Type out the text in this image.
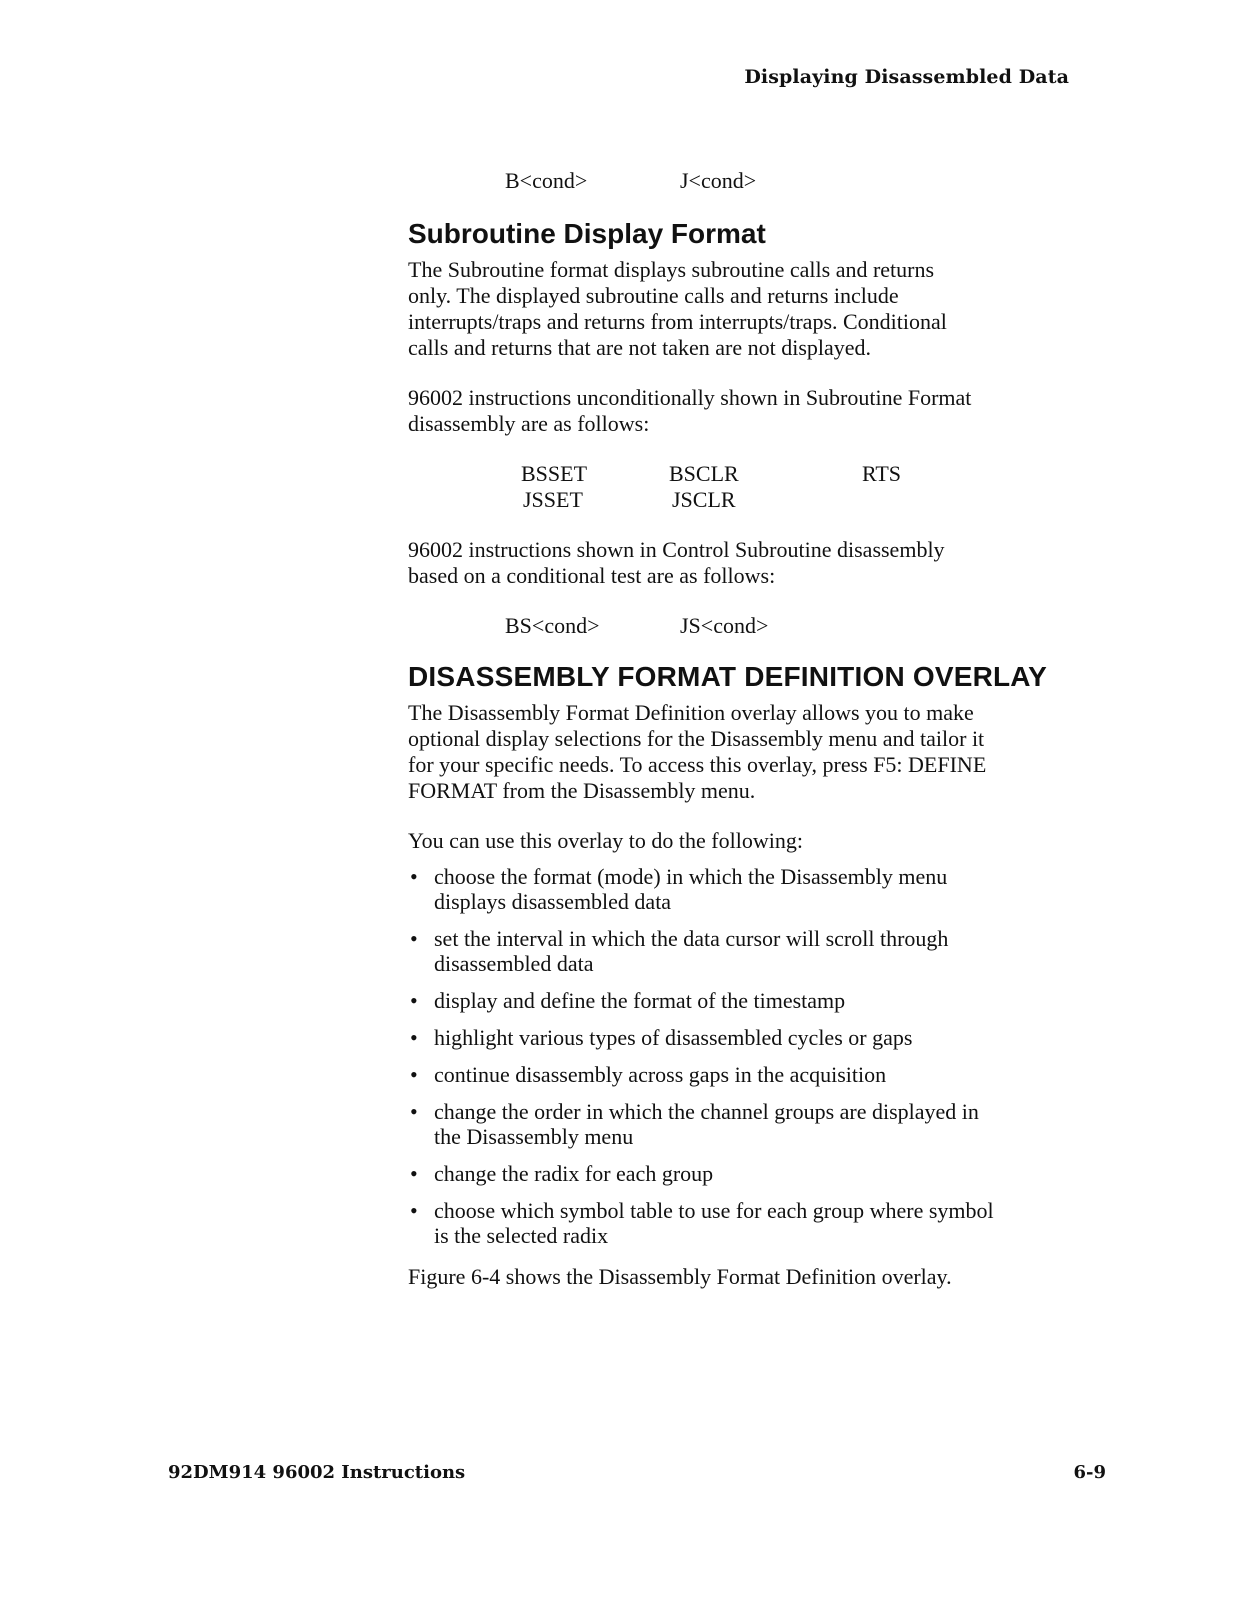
Displaying Disassembled Data
B<cond>	J<cond>
Subroutine Display Format

The Subroutine format displays subroutine calls and returns
only. The displayed subroutine calls and returns include
interrupts/traps and returns from interrupts/traps. Conditional
calls and returns that are not taken are not displayed.

96002 instructions unconditionally shown in Subroutine Format
disassembly are as follows:

BSSET	BSCLR	RTS
JSSET	JSCLR

96002 instructions shown in Control Subroutine disassembly
based on a conditional test are as follows:

BS<cond>	JS<cond>
DISASSEMBLY FORMAT DEFINITION OVERLAY

The Disassembly Format Definition overlay allows you to make
optional display selections for the Disassembly menu and tailor it
for your specific needs. To access this overlay, press F5: DEFINE
FORMAT from the Disassembly menu.

You can use this overlay to do the following:

• choose the format (mode) in which the Disassembly menu
displays disassembled data
• set the interval in which the data cursor will scroll through
disassembled data
• display and define the format of the timestamp
• highlight various types of disassembled cycles or gaps
• continue disassembly across gaps in the acquisition
• change the order in which the channel groups are displayed in
the Disassembly menu
• change the radix for each group
• choose which symbol table to use for each group where symbol
is the selected radix

Figure 6-4 shows the Disassembly Format Definition overlay.

92DM914 96002 Instructions	6-9
